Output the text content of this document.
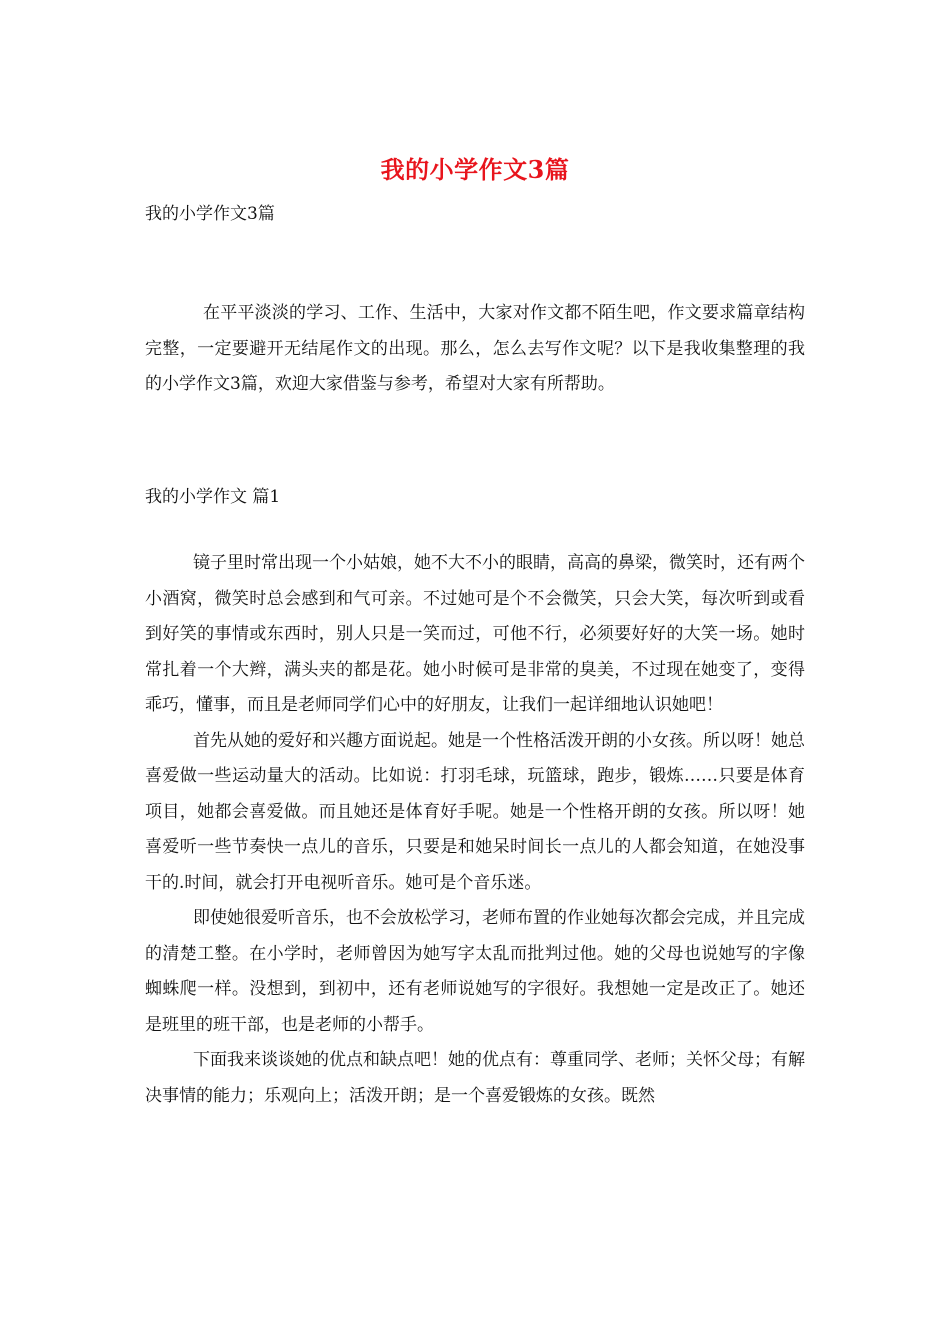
我的小学作文3篇
我的小学作文3篇

在平平淡淡的学习、工作、生活中，大家对作文都不陌生吧，作文要求篇章结构完整，一定要避开无结尾作文的出现。那么，怎么去写作文呢？以下是我收集整理的我的小学作文3篇，欢迎大家借鉴与参考，希望对大家有所帮助。

我的小学作文 篇1

镜子里时常出现一个小姑娘，她不大不小的眼睛，高高的鼻梁，微笑时，还有两个小酒窝，微笑时总会感到和气可亲。不过她可是个不会微笑，只会大笑，每次听到或看到好笑的事情或东西时，别人只是一笑而过，可他不行，必须要好好的大笑一场。她时常扎着一个大辫，满头夹的都是花。她小时候可是非常的臭美，不过现在她变了，变得乖巧，懂事，而且是老师同学们心中的好朋友，让我们一起详细地认识她吧！

首先从她的爱好和兴趣方面说起。她是一个性格活泼开朗的小女孩。所以呀！她总喜爱做一些运动量大的活动。比如说：打羽毛球，玩篮球，跑步，锻炼……只要是体育项目，她都会喜爱做。而且她还是体育好手呢。她是一个性格开朗的女孩。所以呀！她喜爱听一些节奏快一点儿的音乐，只要是和她呆时间长一点儿的人都会知道，在她没事干的.时间，就会打开电视听音乐。她可是个音乐迷。

即使她很爱听音乐，也不会放松学习，老师布置的作业她每次都会完成，并且完成的清楚工整。在小学时，老师曾因为她写字太乱而批判过他。她的父母也说她写的字像蜘蛛爬一样。没想到，到初中，还有老师说她写的字很好。我想她一定是改正了。她还是班里的班干部，也是老师的小帮手。

下面我来谈谈她的优点和缺点吧！她的优点有：尊重同学、老师；关怀父母；有解决事情的能力；乐观向上；活泼开朗；是一个喜爱锻炼的女孩。既然
